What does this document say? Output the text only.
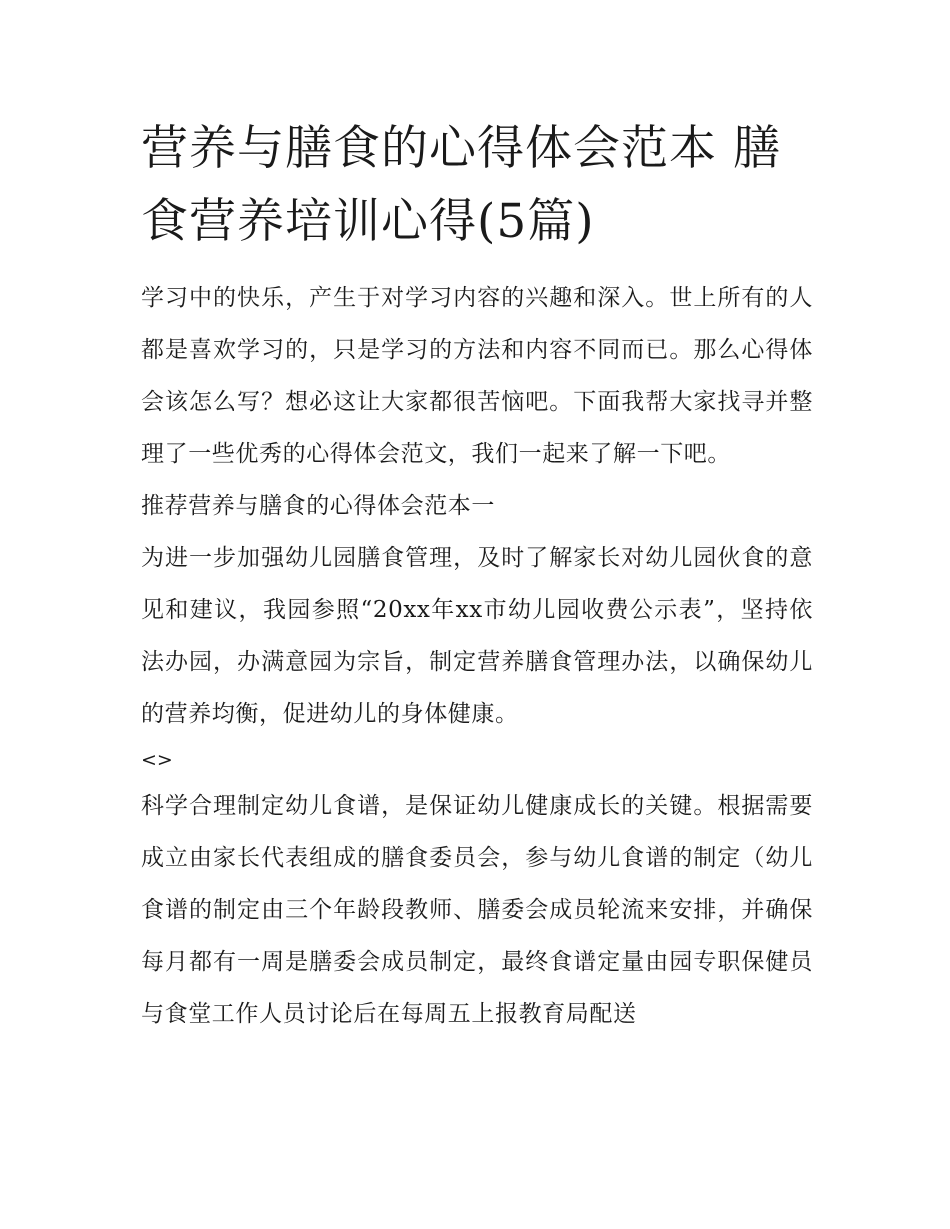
营养与膳食的心得体会范本 膳食营养培训心得(5篇)

学习中的快乐，产生于对学习内容的兴趣和深入。世上所有的人都是喜欢学习的，只是学习的方法和内容不同而已。那么心得体会该怎么写？想必这让大家都很苦恼吧。下面我帮大家找寻并整理了一些优秀的心得体会范文，我们一起来了解一下吧。

推荐营养与膳食的心得体会范本一

为进一步加强幼儿园膳食管理，及时了解家长对幼儿园伙食的意见和建议，我园参照“20xx年xx市幼儿园收费公示表”，坚持依法办园，办满意园为宗旨，制定营养膳食管理办法，以确保幼儿的营养均衡，促进幼儿的身体健康。

<>

科学合理制定幼儿食谱，是保证幼儿健康成长的关键。根据需要成立由家长代表组成的膳食委员会，参与幼儿食谱的制定（幼儿食谱的制定由三个年龄段教师、膳委会成员轮流来安排，并确保每月都有一周是膳委会成员制定，最终食谱定量由园专职保健员与食堂工作人员讨论后在每周五上报教育局配送
